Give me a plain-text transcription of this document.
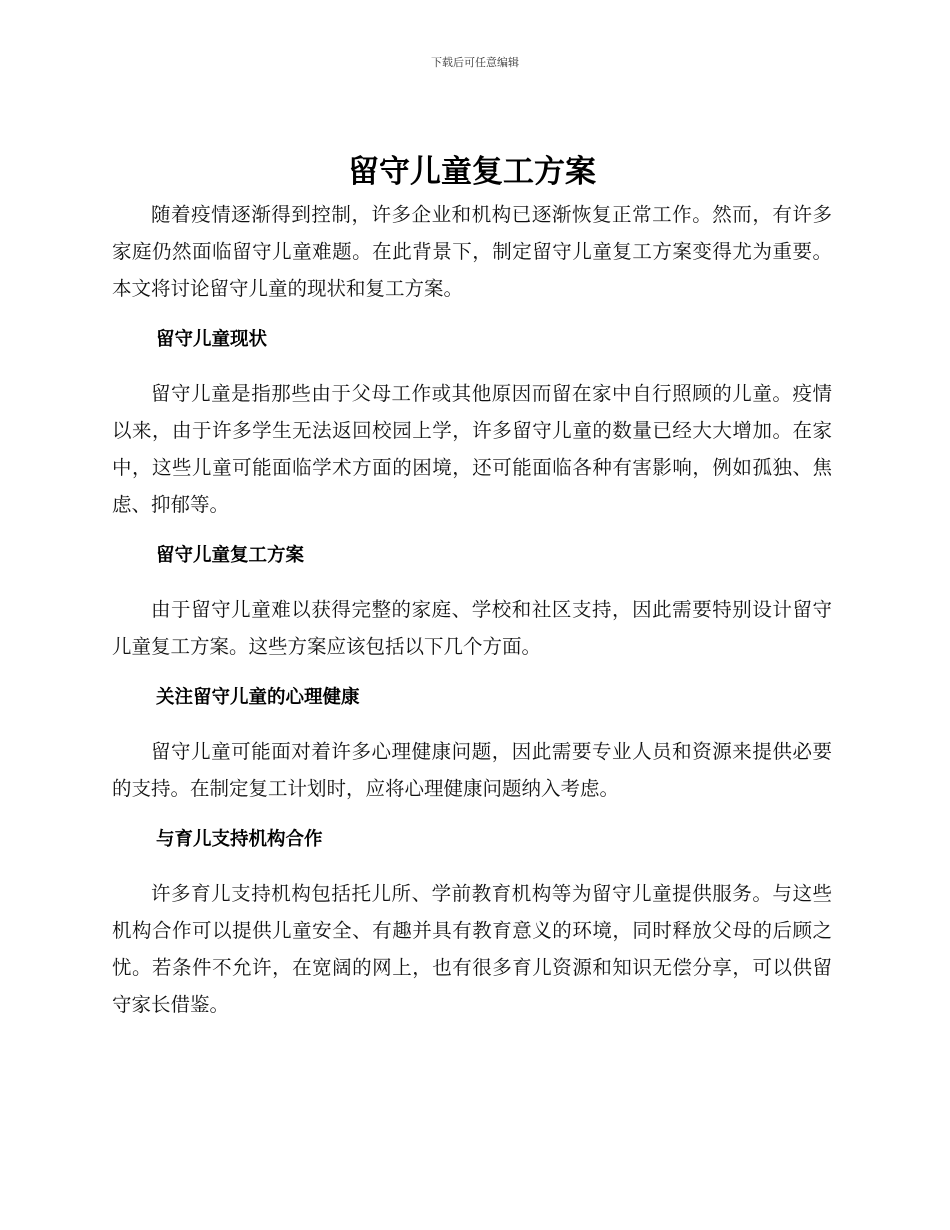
下载后可任意编辑
留守儿童复工方案

随着疫情逐渐得到控制，许多企业和机构已逐渐恢复正常工作。然而，有许多家庭仍然面临留守儿童难题。在此背景下，制定留守儿童复工方案变得尤为重要。本文将讨论留守儿童的现状和复工方案。

留守儿童现状

留守儿童是指那些由于父母工作或其他原因而留在家中自行照顾的儿童。疫情以来，由于许多学生无法返回校园上学，许多留守儿童的数量已经大大增加。在家中，这些儿童可能面临学术方面的困境，还可能面临各种有害影响，例如孤独、焦虑、抑郁等。

留守儿童复工方案

由于留守儿童难以获得完整的家庭、学校和社区支持，因此需要特别设计留守儿童复工方案。这些方案应该包括以下几个方面。

关注留守儿童的心理健康

留守儿童可能面对着许多心理健康问题，因此需要专业人员和资源来提供必要的支持。在制定复工计划时，应将心理健康问题纳入考虑。

与育儿支持机构合作

许多育儿支持机构包括托儿所、学前教育机构等为留守儿童提供服务。与这些机构合作可以提供儿童安全、有趣并具有教育意义的环境，同时释放父母的后顾之忧。若条件不允许，在宽阔的网上，也有很多育儿资源和知识无偿分享，可以供留守家长借鉴。
